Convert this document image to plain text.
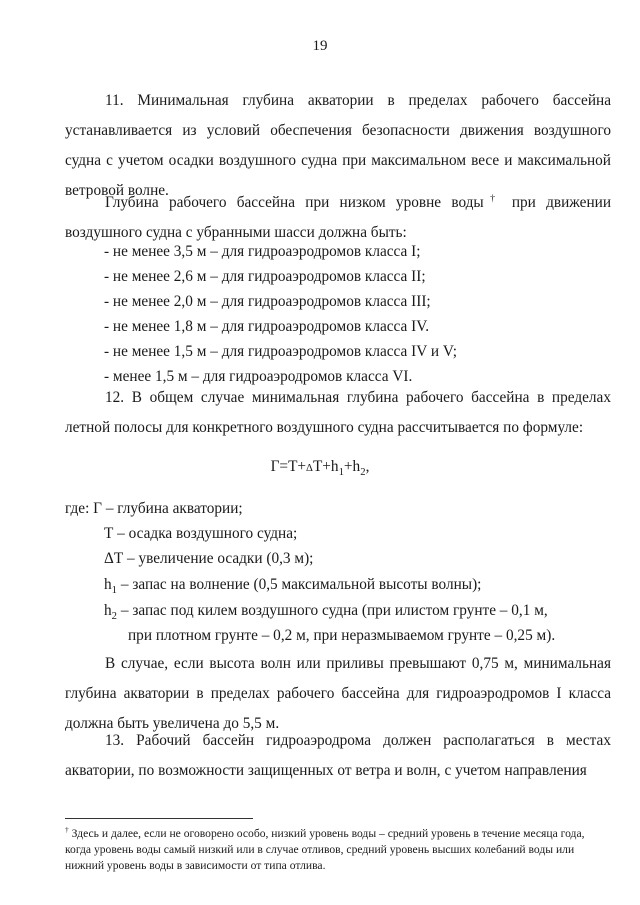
19

11. Минимальная глубина акватории в пределах рабочего бассейна устанавливается из условий обеспечения безопасности движения воздушного судна с учетом осадки воздушного судна при максимальном весе и максимальной ветровой волне.

Глубина рабочего бассейна при низком уровне воды† при движении воздушного судна с убранными шасси должна быть:

- не менее 3,5 м – для гидроаэродромов класса I;

- не менее 2,6 м – для гидроаэродромов класса II;

- не менее 2,0 м – для гидроаэродромов класса III;

- не менее 1,8 м – для гидроаэродромов класса IV.

- не менее 1,5 м – для гидроаэродромов класса IV и V;

- менее 1,5 м – для гидроаэродромов класса VI.

12. В общем случае минимальная глубина рабочего бассейна в пределах летной полосы для конкретного воздушного судна рассчитывается по формуле:

$Г=Т+\Delta Т+h_1+h_2$,

где: Г – глубина акватории;

Т – осадка воздушного судна;

ΔТ – увеличение осадки (0,3 м);

$h_1$ – запас на волнение (0,5 максимальной высоты волны);

$h_2$ – запас под килем воздушного судна (при илистом грунте – 0,1 м,

при плотном грунте – 0,2 м, при неразмываемом грунте – 0,25 м).

В случае, если высота волн или приливы превышают 0,75 м, минимальная глубина акватории в пределах рабочего бассейна для гидроаэродромов I класса должна быть увеличена до 5,5 м.

13. Рабочий бассейн гидроаэродрома должен располагаться в местах акватории, по возможности защищенных от ветра и волн, с учетом направления

† Здесь и далее, если не оговорено особо, низкий уровень воды – средний уровень в течение месяца года, когда уровень воды самый низкий или в случае отливов, средний уровень высших колебаний воды или нижний уровень воды в зависимости от типа отлива.
